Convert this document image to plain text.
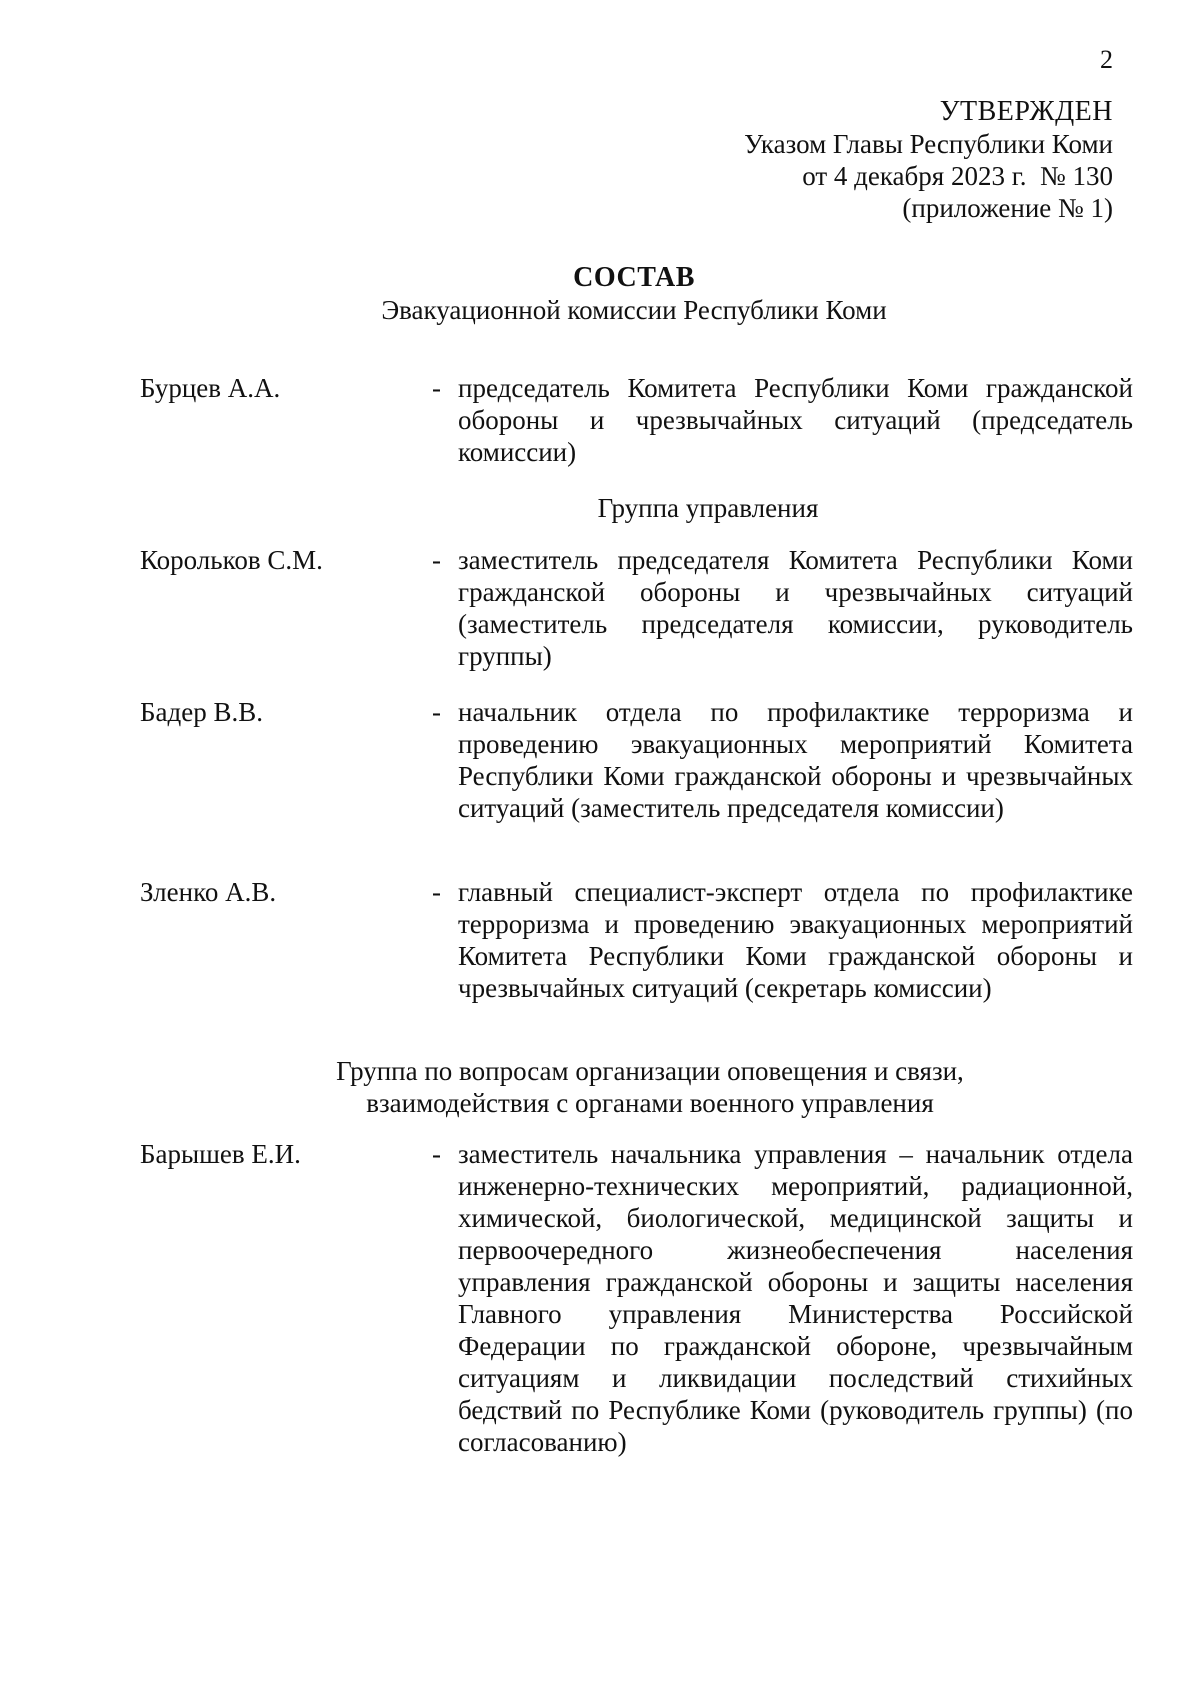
2
УТВЕРЖДЕН
Указом Главы Республики Коми
от 4 декабря 2023 г.  № 130
(приложение № 1)
СОСТАВ
Эвакуационной комиссии Республики Коми
Бурцев А.А.	- председатель Комитета Республики Коми гражданской обороны и чрезвычайных ситуаций (председатель комиссии)
Группа управления
Корольков С.М.	- заместитель председателя Комитета Республики Коми гражданской обороны и чрезвычайных ситуаций (заместитель председателя комиссии, руководитель группы)
Бадер В.В.	- начальник отдела по профилактике терроризма и проведению эвакуационных мероприятий Комитета Республики Коми гражданской обороны и чрезвычайных ситуаций (заместитель председателя комиссии)
Зленко А.В.	- главный специалист-эксперт отдела по профилактике терроризма и проведению эвакуационных мероприятий Комитета Республики Коми гражданской обороны и чрезвычайных ситуаций (секретарь комиссии)
Группа по вопросам организации оповещения и связи,
взаимодействия с органами военного управления
Барышев Е.И.	- заместитель начальника управления – начальник отдела инженерно-технических мероприятий, радиационной, химической, биологической, медицинской защиты и первоочередного жизнеобеспечения населения управления гражданской обороны и защиты населения Главного управления Министерства Российской Федерации по гражданской обороне, чрезвычайным ситуациям и ликвидации последствий стихийных бедствий по Республике Коми (руководитель группы) (по согласованию)
